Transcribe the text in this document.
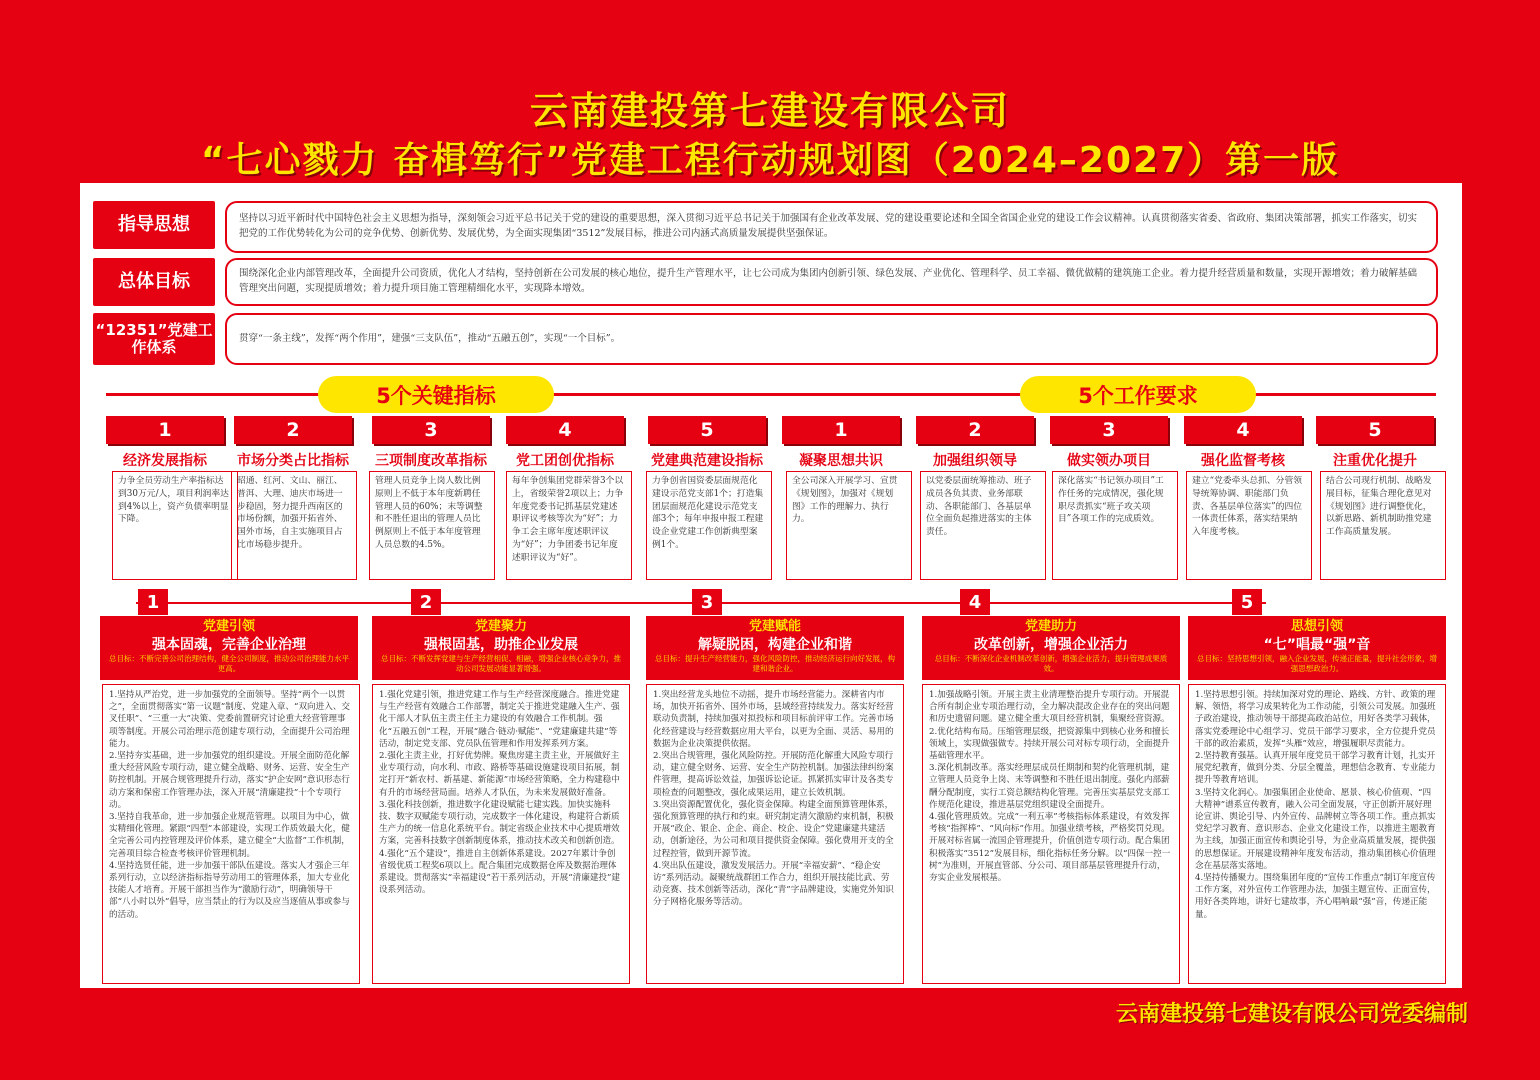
云南建投第七建设有限公司
“七心戮力 奋楫笃行”党建工程行动规划图（2024–2027）第一版
指导思想	坚持以习近平新时代中国特色社会主义思想为指导，深刻领会习近平总书记关于党的建设的重要思想，深入贯彻习近平总书记关于加强国有企业改革发展、党的建设重要论述和全国全省国企业党的建设工作会议精神。认真贯彻落实省委、省政府、集团决策部署，抓实工作落实，切实把党的工作优势转化为公司的竞争优势、创新优势、发展优势，为全面实现集团“3512”发展目标，推进公司内涵式高质量发展提供坚强保证。
总体目标	围绕深化企业内部管理改革，全面提升公司资质，优化人才结构，坚持创新在公司发展的核心地位，提升生产管理水平，让七公司成为集团内创新引领、绿色发展、产业优化、管理科学、员工幸福、微优做精的建筑施工企业。着力提升经营质量和数量，实现开源增效；着力破解基础管理突出问题，实现提质增效；着力提升项目施工管理精细化水平，实现降本增效。
“12351”党建工作体系	贯穿“一条主线”，发挥“两个作用”，建强“三支队伍”，推动“五融五创”，实现“一个目标”。
5个关键指标	5个工作要求
1
经济发展指标
力争全员劳动生产率指标达到30万元/人，项目利润率达到4%以上，资产负债率明显下降。
2
市场分类占比指标
昭通、红河、文山、丽江、普洱、大理、迪庆市场进一步稳固，努力提升西南区的市场份额，加强开拓省外、国外市场，自主实施项目占比市场稳步提升。
3
三项制度改革指标
管理人员竞争上岗人数比例原则上不低于本年度新聘任管理人员的60%；末等调整和不胜任退出的管理人员比例原则上不低于本年度管理人员总数的4.5%。
4
党工团创优指标
每年争创集团党群荣誉3个以上，省级荣誉2项以上；力争年度党委书记抓基层党建述职评议考核等次为“好”；力争工会主席年度述职评议为“好”；力争团委书记年度述职评议为“好”。
5
党建典范建设指标
力争创省国资委层面规范化建设示范党支部1个；打造集团层面规范化建设示范党支部3个；每年申报申报工程建设企业党建工作创新典型案例1个。
1
凝聚思想共识
全公司深入开展学习、宣贯《规划图》，加强对《规划图》工作的理解力、执行力。
2
加强组织领导
以党委层面统筹推动、班子成员各负其责、业务部联动、各职能部门、各基层单位全面负起推进落实的主体责任。
3
做实领办项目
深化落实“书记领办项目”工作任务的完成情况，强化规职尽责抓实“班子攻关项目”各项工作的完成质效。
4
强化监督考核
建立“党委牵头总抓、分管领导统筹协调、职能部门负责、各基层单位落实”的四位一体责任体系，落实结果纳入年度考核。
5
注重优化提升
结合公司现行机制、战略发展目标，征集合理化意见对《规划图》进行调整优化，以新思路、新机制助推党建工作高质量发展。
1
党建引领
强本固魂，完善企业治理
总目标：不断完善公司治理结构，健全公司制度，推动公司治理能力水平更高。
1.坚持从严治党，进一步加强党的全面领导。坚持“两个一以贯之”，全面贯彻落实“第一议题”制度、党建入章、“双向进入、交叉任职”、“三重一大”决策、党委前置研究讨论重大经营管理事项等制度。开展公司治理示范创建专项行动，全面提升公司治理能力。
2.坚持夯实基础，进一步加强党的组织建设。开展全面防范化解重大经营风险专项行动，建立健全战略、财务、运营、安全生产防控机制。开展合规管理提升行动，落实“护企安网”意识形态行动方案和保密工作管理办法，深入开展“清廉建投”十个专项行动。
3.坚持自我革命，进一步加强企业规范管理。以项目为中心，做实精细化管理。紧跟“四型”本部建设，实现工作质效最大化，健全完善公司内控管理及评价体系，建立健全“大监督”工作机制，完善项目综合检查考核评价管理机制。
4.坚持选贤任能，进一步加强干部队伍建设。落实人才强企三年系列行动，立以经济指标指导劳动用工的管理体系，加大专业化技能人才培育。开展干部担当作为“激励行动”，明确领导干部“八小时以外”倡导，应当禁止的行为以及应当逐值从事或参与的活动。
2
党建聚力
强根固基，助推企业发展
总目标：不断发挥党建与生产经营相促、相融，增强企业核心竞争力，推动公司发展动能显著增强。
1.强化党建引领，推进党建工作与生产经营深度融合。推进党建与生产经营有效融合工作部署，制定关于推进党建融入生产、强化干部人才队伍主责主任主力建设的有效融合工作机制。强化“五融五创”工程，开展“融合·链动·赋能”、“党建廉建共建”等活动，制定党支部、党员队伍管理和作用发挥系列方案。
2.强化主责主业，打好优势牌。聚焦房建主责主业，开展做好主业专项行动，向水利、市政、路桥等基础设施建设项目拓展，制定打开“新农村、新基建、新能源”市场经营策略，全力构建稳中有升的市场经营局面。培养人才队伍，为未来发展做好准备。
3.强化科技创新，推进数字化建设赋能七建实践。加快实施科技、数字双赋能专项行动，完成数字一体化建设，构建符合新质生产力的统一信息化系统平台。制定省级企业技术中心提质增效方案，完善科技数字创新制度体系，推动技术改关和创新创造。
4.强化“五个建设”，推进自主创新体系建设。2027年累计争创省级优质工程奖6项以上。配合集团完成数据仓库及数据治理体系建设。贯彻落实“幸福建设”若干系列活动，开展“清廉建投”建设系列活动。
3
党建赋能
解疑脱困，构建企业和谐
总目标：提升生产经营能力，强化风险防控，推动经济运行向好发展，构建和谐企业。
1.突出经营龙头地位不动摇，提升市场经营能力。深耕省内市场，加快开拓省外、国外市场，县域经营持续发力。落实好经营联动负责制，持续加强对拟投标和项目标前评审工作。完善市场化经营建设与经营数据应用大平台，以更为全面、灵活、易用的数据为企业决策提供依据。
2.突出合规管理，强化风险防控。开展防范化解重大风险专项行动，建立健全财务、运营、安全生产防控机制。加强法律纠纷案件管理，提高诉讼效益，加强诉讼论证。抓紧抓实审计及各类专项检查的问题整改，强化成果运用，建立长效机制。
3.突出资源配置优化，强化资金保障。构建全面预算管理体系，强化预算管理的执行和约束。研究制定清欠激励约束机制，积极开展“政企、银企、企企、商企、校企、设企”党建廉建共建活动，创新途径，为公司和项目提供资金保障。强化费用开支的全过程控管，做到开源节流。
4.突出队伍建设，激发发展活力。开展“幸福安薪”、“稳企安访”系列活动。凝聚统战群团工作合力，组织开展技能比武、劳动竞赛、技术创新等活动，深化“青”字品牌建设，实施党外知识分子网格化服务等活动。
4
党建助力
改革创新，增强企业活力
总目标：不断深化企业机制改革创新，增强企业活力，提升管理成果质效。
1.加强战略引领。开展主责主业清理整治提升专项行动。开展混合所有制企业专项治理行动，全力解决混改企业存在的突出问题和历史遗留问题。建立健全重大项目经营机制，集聚经营资源。
2.优化结构布局。压缩管理层级，把资源集中到核心业务和擅长领域上，实现做强做专。持续开展公司对标专项行动，全面提升基础管理水平。
3.深化机制改革。落实经理层成员任期制和契约化管理机制，建立管理人员竞争上岗、末等调整和不胜任退出制度。强化内部薪酬分配制度，实行工资总额结构化管理。完善压实基层党支部工作规范化建设，推进基层党组织建设全面提升。
4.强化管理质效。完成“一利五率”考核指标体系建设，有效发挥考核“指挥棒”、“风向标”作用。加强业绩考核，严格奖罚兑现。开展对标省属一流国企管理提升，价值创造专项行动。配合集团积极落实“3512”发展目标，细化指标任务分解。以“四保一控一树”为准则，开展直管部、分公司、项目部基层管理提升行动，夯实企业发展根基。
5
思想引领
“七”唱最“强”音
总目标：坚持思想引领，融入企业发展，传递正能量，提升社会形象，增强思想政治力。
1.坚持思想引领。持续加深对党的理论、路线、方针、政策的理解、领悟，将学习成果转化为工作动能，引领公司发展。加强班子政治建设，推动领导干部提高政治站位，用好各类学习载体，落实党委理论中心组学习、党员干部学习要求，全方位提升党员干部的政治素质，发挥“头雁”效应，增强履职尽责能力。
2.坚持教育强基。认真开展年度党员干部学习教育计划，扎实开展党纪教育，做到分类、分层全覆盖，理想信念教育、专业能力提升等教育培训。
3.坚持文化润心。加强集团企业使命、愿景、核心价值观、“四大精神”谱系宣传教育，融入公司全面发展，守正创新开展好理论宣讲、舆论引导、内外宣传、品牌树立等各项工作。重点抓实党纪学习教育、意识形态、企业文化建设工作，以推进主题教育为主线，加强正面宣传和舆论引导，为企业高质量发展，提供强的思想保证。开展建设精神年度发布活动，推动集团核心价值理念在基层落实落地。
4.坚持传播聚力。围绕集团年度的“宣传工作重点”制订年度宣传工作方案，对外宣传工作管理办法，加强主题宣传、正面宣传，用好各类阵地，讲好七建故事，齐心唱响最“强”音，传递正能量。
云南建投第七建设有限公司党委编制
